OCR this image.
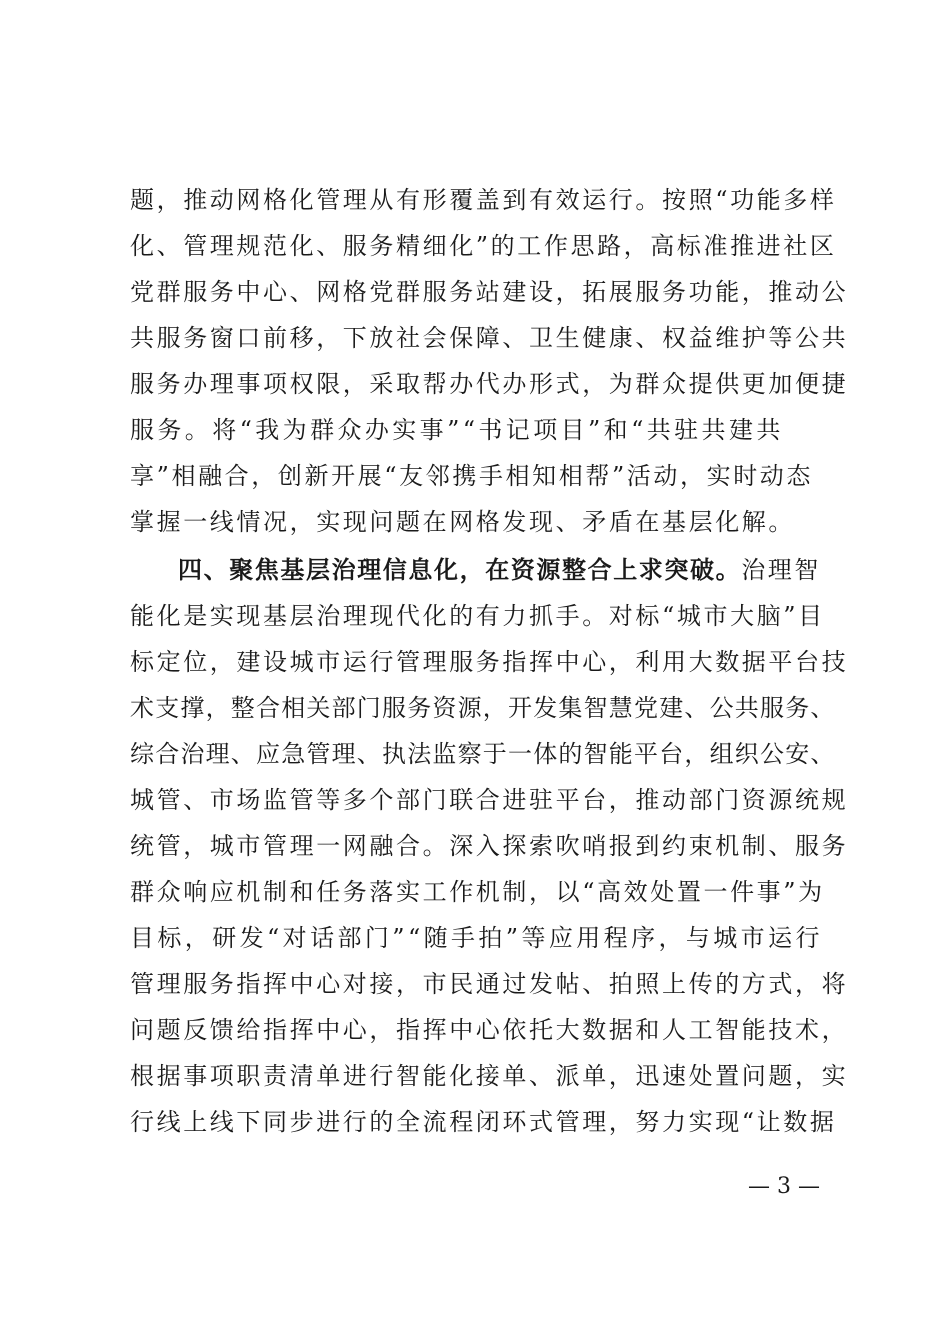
题，推动网格化管理从有形覆盖到有效运行。按照“功能多样
化、管理规范化、服务精细化”的工作思路，高标准推进社区
党群服务中心、网格党群服务站建设，拓展服务功能，推动公
共服务窗口前移，下放社会保障、卫生健康、权益维护等公共
服务办理事项权限，采取帮办代办形式，为群众提供更加便捷
服务。将“我为群众办实事”“书记项目”和“共驻共建共
享”相融合，创新开展“友邻携手相知相帮”活动，实时动态
掌握一线情况，实现问题在网格发现、矛盾在基层化解。
四、聚焦基层治理信息化，在资源整合上求突破。治理智
能化是实现基层治理现代化的有力抓手。对标“城市大脑”目
标定位，建设城市运行管理服务指挥中心，利用大数据平台技
术支撑，整合相关部门服务资源，开发集智慧党建、公共服务、
综合治理、应急管理、执法监察于一体的智能平台，组织公安、
城管、市场监管等多个部门联合进驻平台，推动部门资源统规
统管，城市管理一网融合。深入探索吹哨报到约束机制、服务
群众响应机制和任务落实工作机制，以“高效处置一件事”为
目标，研发“对话部门”“随手拍”等应用程序，与城市运行
管理服务指挥中心对接，市民通过发帖、拍照上传的方式，将
问题反馈给指挥中心，指挥中心依托大数据和人工智能技术，
根据事项职责清单进行智能化接单、派单，迅速处置问题，实
行线上线下同步进行的全流程闭环式管理，努力实现“让数据
— 3 —
